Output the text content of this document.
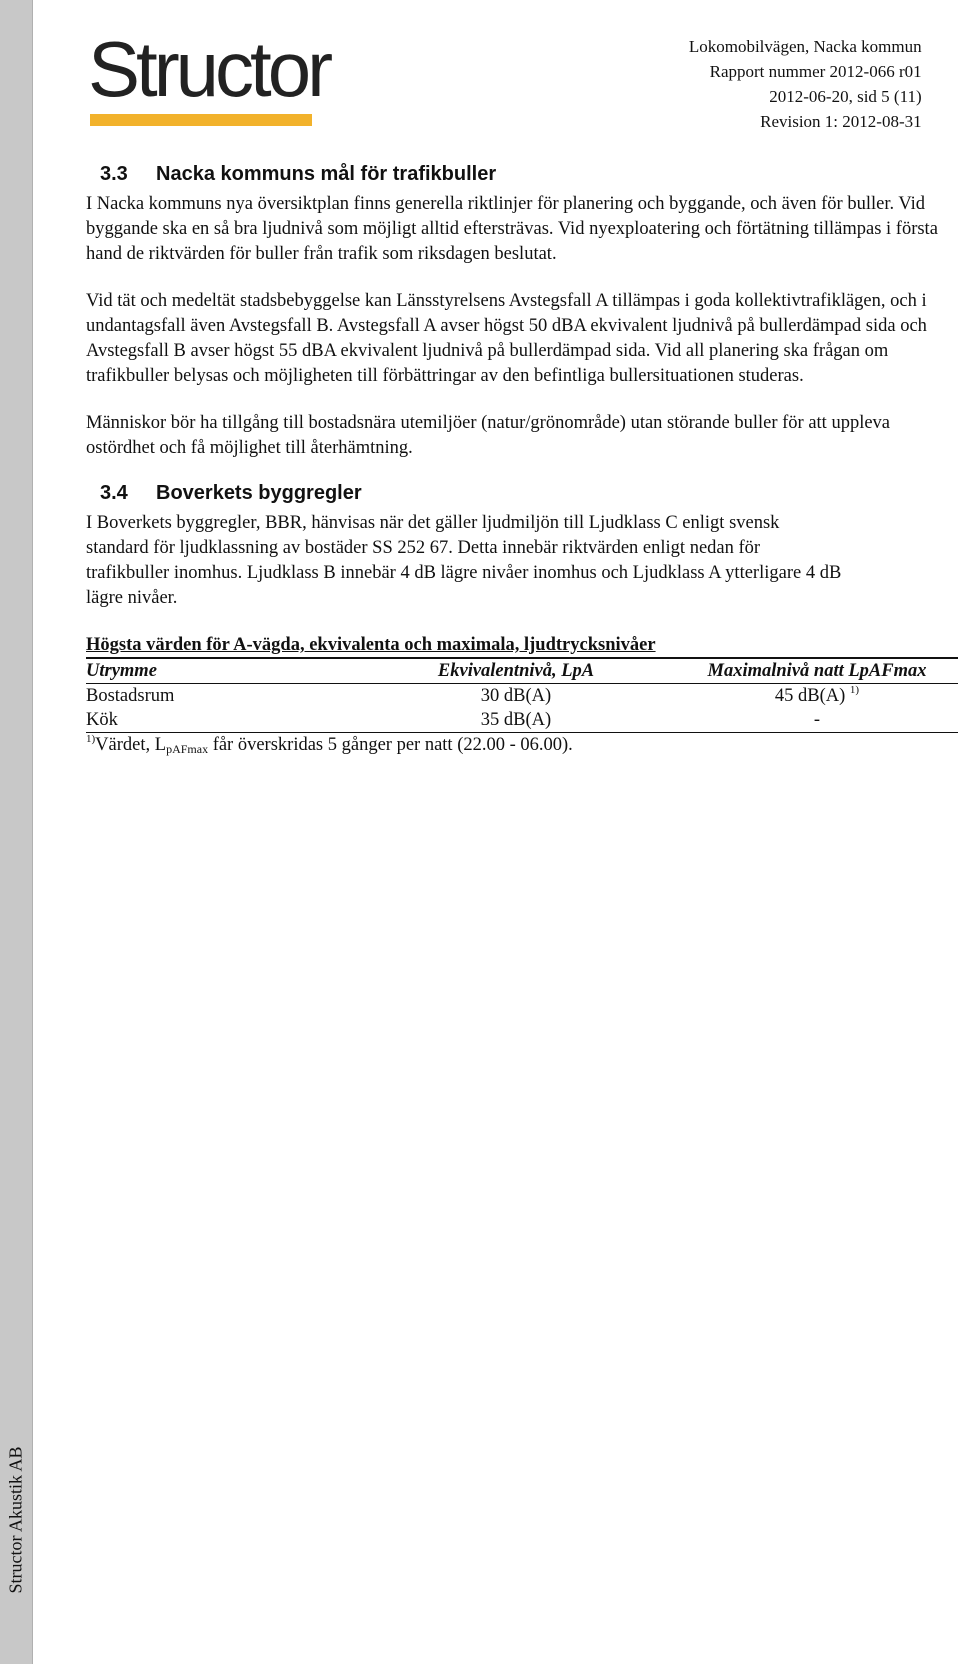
Structor Akustik AB
Structor	Lokomobilvägen, Nacka kommun
Rapport nummer 2012-066 r01
2012-06-20, sid 5 (11)
Revision 1: 2012-08-31
3.3 Nacka kommuns mål för trafikbuller

I Nacka kommuns nya översiktplan finns generella riktlinjer för planering och byggande, och även för buller. Vid byggande ska en så bra ljudnivå som möjligt alltid eftersträvas. Vid nyexploatering och förtätning tillämpas i första hand de riktvärden för buller från trafik som riksdagen beslutat.

Vid tät och medeltät stadsbebyggelse kan Länsstyrelsens Avstegsfall A tillämpas i goda kollektivtrafiklägen, och i undantagsfall även Avstegsfall B. Avstegsfall A avser högst 50 dBA ekvivalent ljudnivå på bullerdämpad sida och Avstegsfall B avser högst 55 dBA ekvivalent ljudnivå på bullerdämpad sida. Vid all planering ska frågan om trafikbuller belysas och möjligheten till förbättringar av den befintliga bullersituationen studeras.

Människor bör ha tillgång till bostadsnära utemiljöer (natur/grönområde) utan störande buller för att uppleva ostördhet och få möjlighet till återhämtning.

3.4 Boverkets byggregler

I Boverkets byggregler, BBR, hänvisas när det gäller ljudmiljön till Ljudklass C enligt svensk standard för ljudklassning av bostäder SS 252 67. Detta innebär riktvärden enligt nedan för trafikbuller inomhus. Ljudklass B innebär 4 dB lägre nivåer inomhus och Ljudklass A ytterligare 4 dB lägre nivåer.

Högsta värden för A-vägda, ekvivalenta och maximala, ljudtrycksnivåer
Utrymme	Ekvivalentnivå, LpA	Maximalnivå natt LpAFmax
Bostadsrum	30 dB(A)	45 dB(A) $^{1)}$
Kök	35 dB(A)	-
$^{1)}$Värdet, $L_{pAFmax}$ får överskridas 5 gånger per natt (22.00 - 06.00).
